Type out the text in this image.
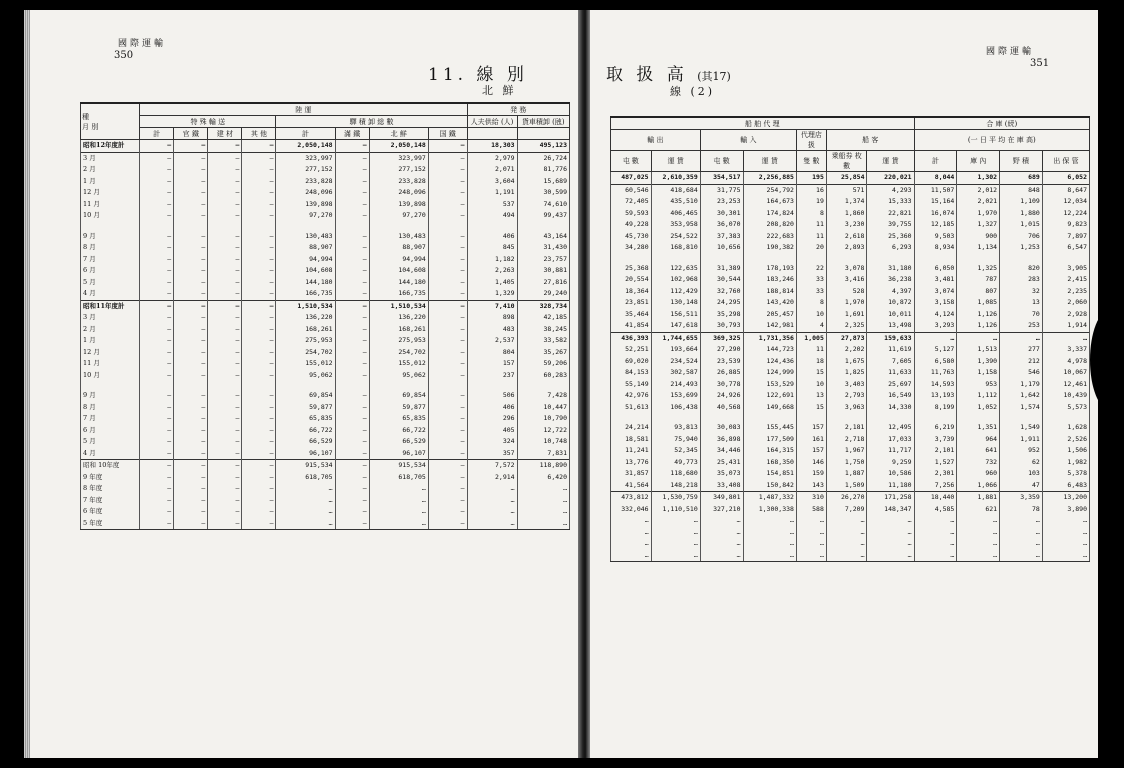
國際運輸
350
11. 線 別
北 鮮
種
月 別	陸 運								発 務	
	特 殊 輸 送				驛 積 卸 総 數				人夫供給 (人)	貨車積卸 (瓲)
	計	官 鐵	建 材	其 他	計	滿 鐵	北 鮮	国 鐵		
昭和12年度計	—	—	—	—	2,050,148	—	2,050,148	—	18,303	495,123
3 月	—	—	—	—	323,997	—	323,997	—	2,979	26,724
2 月	—	—	—	—	277,152	—	277,152	—	2,071	81,776
1 月	—	—	—	—	233,828	—	233,828	—	3,604	15,689
12 月	—	—	—	—	248,096	—	248,096	—	1,191	30,599
11 月	—	—	—	—	139,898	—	139,898	—	537	74,610
10 月	—	—	—	—	97,270	—	97,270	—	494	99,437

9 月	—	—	—	—	130,483	—	130,483	—	406	43,164
8 月	—	—	—	—	88,907	—	88,907	—	845	31,430
7 月	—	—	—	—	94,994	—	94,994	—	1,182	23,757
6 月	—	—	—	—	104,608	—	104,608	—	2,263	30,881
5 月	—	—	—	—	144,180	—	144,180	—	1,405	27,816
4 月	—	—	—	—	166,735	—	166,735	—	1,329	29,240
昭和11年度計	—	—	—	—	1,510,534	—	1,510,534	—	7,410	328,734
3 月	—	—	—	—	136,220	—	136,220	—	898	42,185
2 月	—	—	—	—	168,261	—	168,261	—	483	38,245
1 月	—	—	—	—	275,953	—	275,953	—	2,537	33,582
12 月	—	—	—	—	254,702	—	254,702	—	804	35,267
11 月	—	—	—	—	155,012	—	155,012	—	157	59,206
10 月	—	—	—	—	95,062	—	95,062	—	237	60,283

9 月	—	—	—	—	69,854	—	69,854	—	506	7,428
8 月	—	—	—	—	59,877	—	59,877	—	406	10,447
7 月	—	—	—	—	65,835	—	65,835	—	296	10,790
6 月	—	—	—	—	66,722	—	66,722	—	405	12,722
5 月	—	—	—	—	66,529	—	66,529	—	324	10,748
4 月	—	—	—	—	96,107	—	96,107	—	357	7,831
昭和 10年度	—	—	—	—	915,534	—	915,534	—	7,572	118,890
9 年度	—	—	—	—	618,705	—	618,705	—	2,914	6,420
8 年度	—	—	—	—	…	—	…	—	…	…
7 年度	—	—	—	—	…	—	…	—	…	…
6 年度	—	—	—	—	…	—	…	—	…	…
5 年度	—	—	—	—	…	—	…	—	…	…
取 扱 高 (其17)
線 (2)
國際運輸
351
船 舶 代 理							合 庫 (続)			
輸 出		輸 入		代理店扱	船 客		(一 日 平 均 在 庫 高)			
屯 數	運 賃	屯 數	運 賃	隻 數	乗船券 枚 數	運 賃	計	庫 內	野 積	出 保 管
487,025	2,610,359	354,517	2,256,885	195	25,854	220,021	8,044	1,302	689	6,052
60,546	418,684	31,775	254,792	16	571	4,293	11,507	2,012	848	8,647
72,405	435,510	23,253	164,673	19	1,374	15,333	15,164	2,021	1,109	12,034
59,593	406,465	30,301	174,824	8	1,860	22,821	16,074	1,970	1,880	12,224
49,228	353,958	36,070	208,820	11	3,230	39,755	12,185	1,327	1,015	9,823
45,730	254,522	37,383	222,683	11	2,618	25,360	9,503	900	706	7,897
34,280	168,810	10,656	190,382	20	2,893	6,293	8,934	1,134	1,253	6,547

25,368	122,635	31,389	178,193	22	3,078	31,180	6,050	1,325	820	3,905
20,554	102,968	30,544	183,246	33	3,416	36,238	3,481	787	283	2,415
18,364	112,429	32,760	188,814	33	528	4,397	3,074	807	32	2,235
23,851	130,148	24,295	143,420	8	1,970	10,872	3,158	1,085	13	2,060
35,464	156,511	35,298	205,457	10	1,691	10,011	4,124	1,126	70	2,928
41,854	147,618	30,793	142,981	4	2,325	13,498	3,293	1,126	253	1,914
436,393	1,744,655	369,325	1,731,356	1,005	27,873	159,633	…	…	…	…
52,251	193,664	27,290	144,723	11	2,202	11,619	5,127	1,513	277	3,337
69,020	234,524	23,539	124,436	18	1,675	7,605	6,580	1,390	212	4,978
84,153	302,587	26,885	124,999	15	1,825	11,633	11,763	1,158	546	10,067
55,149	214,493	30,778	153,529	10	3,403	25,697	14,593	953	1,179	12,461
42,976	153,699	24,926	122,691	13	2,793	16,549	13,193	1,112	1,642	10,439
51,613	106,438	40,568	149,668	15	3,963	14,330	8,199	1,052	1,574	5,573

24,214	93,813	30,083	155,445	157	2,181	12,495	6,219	1,351	1,549	1,628
18,581	75,940	36,898	177,509	161	2,718	17,033	3,739	964	1,911	2,526
11,241	52,345	34,446	164,315	157	1,967	11,717	2,101	641	952	1,506
13,776	49,773	25,431	168,350	146	1,750	9,259	1,527	732	62	1,982
31,857	118,680	35,073	154,851	159	1,887	10,586	2,301	960	103	5,378
41,564	148,218	33,408	150,842	143	1,509	11,180	7,256	1,066	47	6,483
473,812	1,530,759	349,801	1,487,332	310	26,270	171,258	18,440	1,881	3,359	13,200
332,046	1,110,510	327,210	1,300,338	588	7,209	148,347	4,585	621	78	3,890
…	…	…	…	…	…	…	…	…	…	…
…	…	…	…	…	…	…	…	…	…	…
…	…	…	…	…	…	…	…	…	…	…
…	…	…	…	…	…	…	…	…	…	…
